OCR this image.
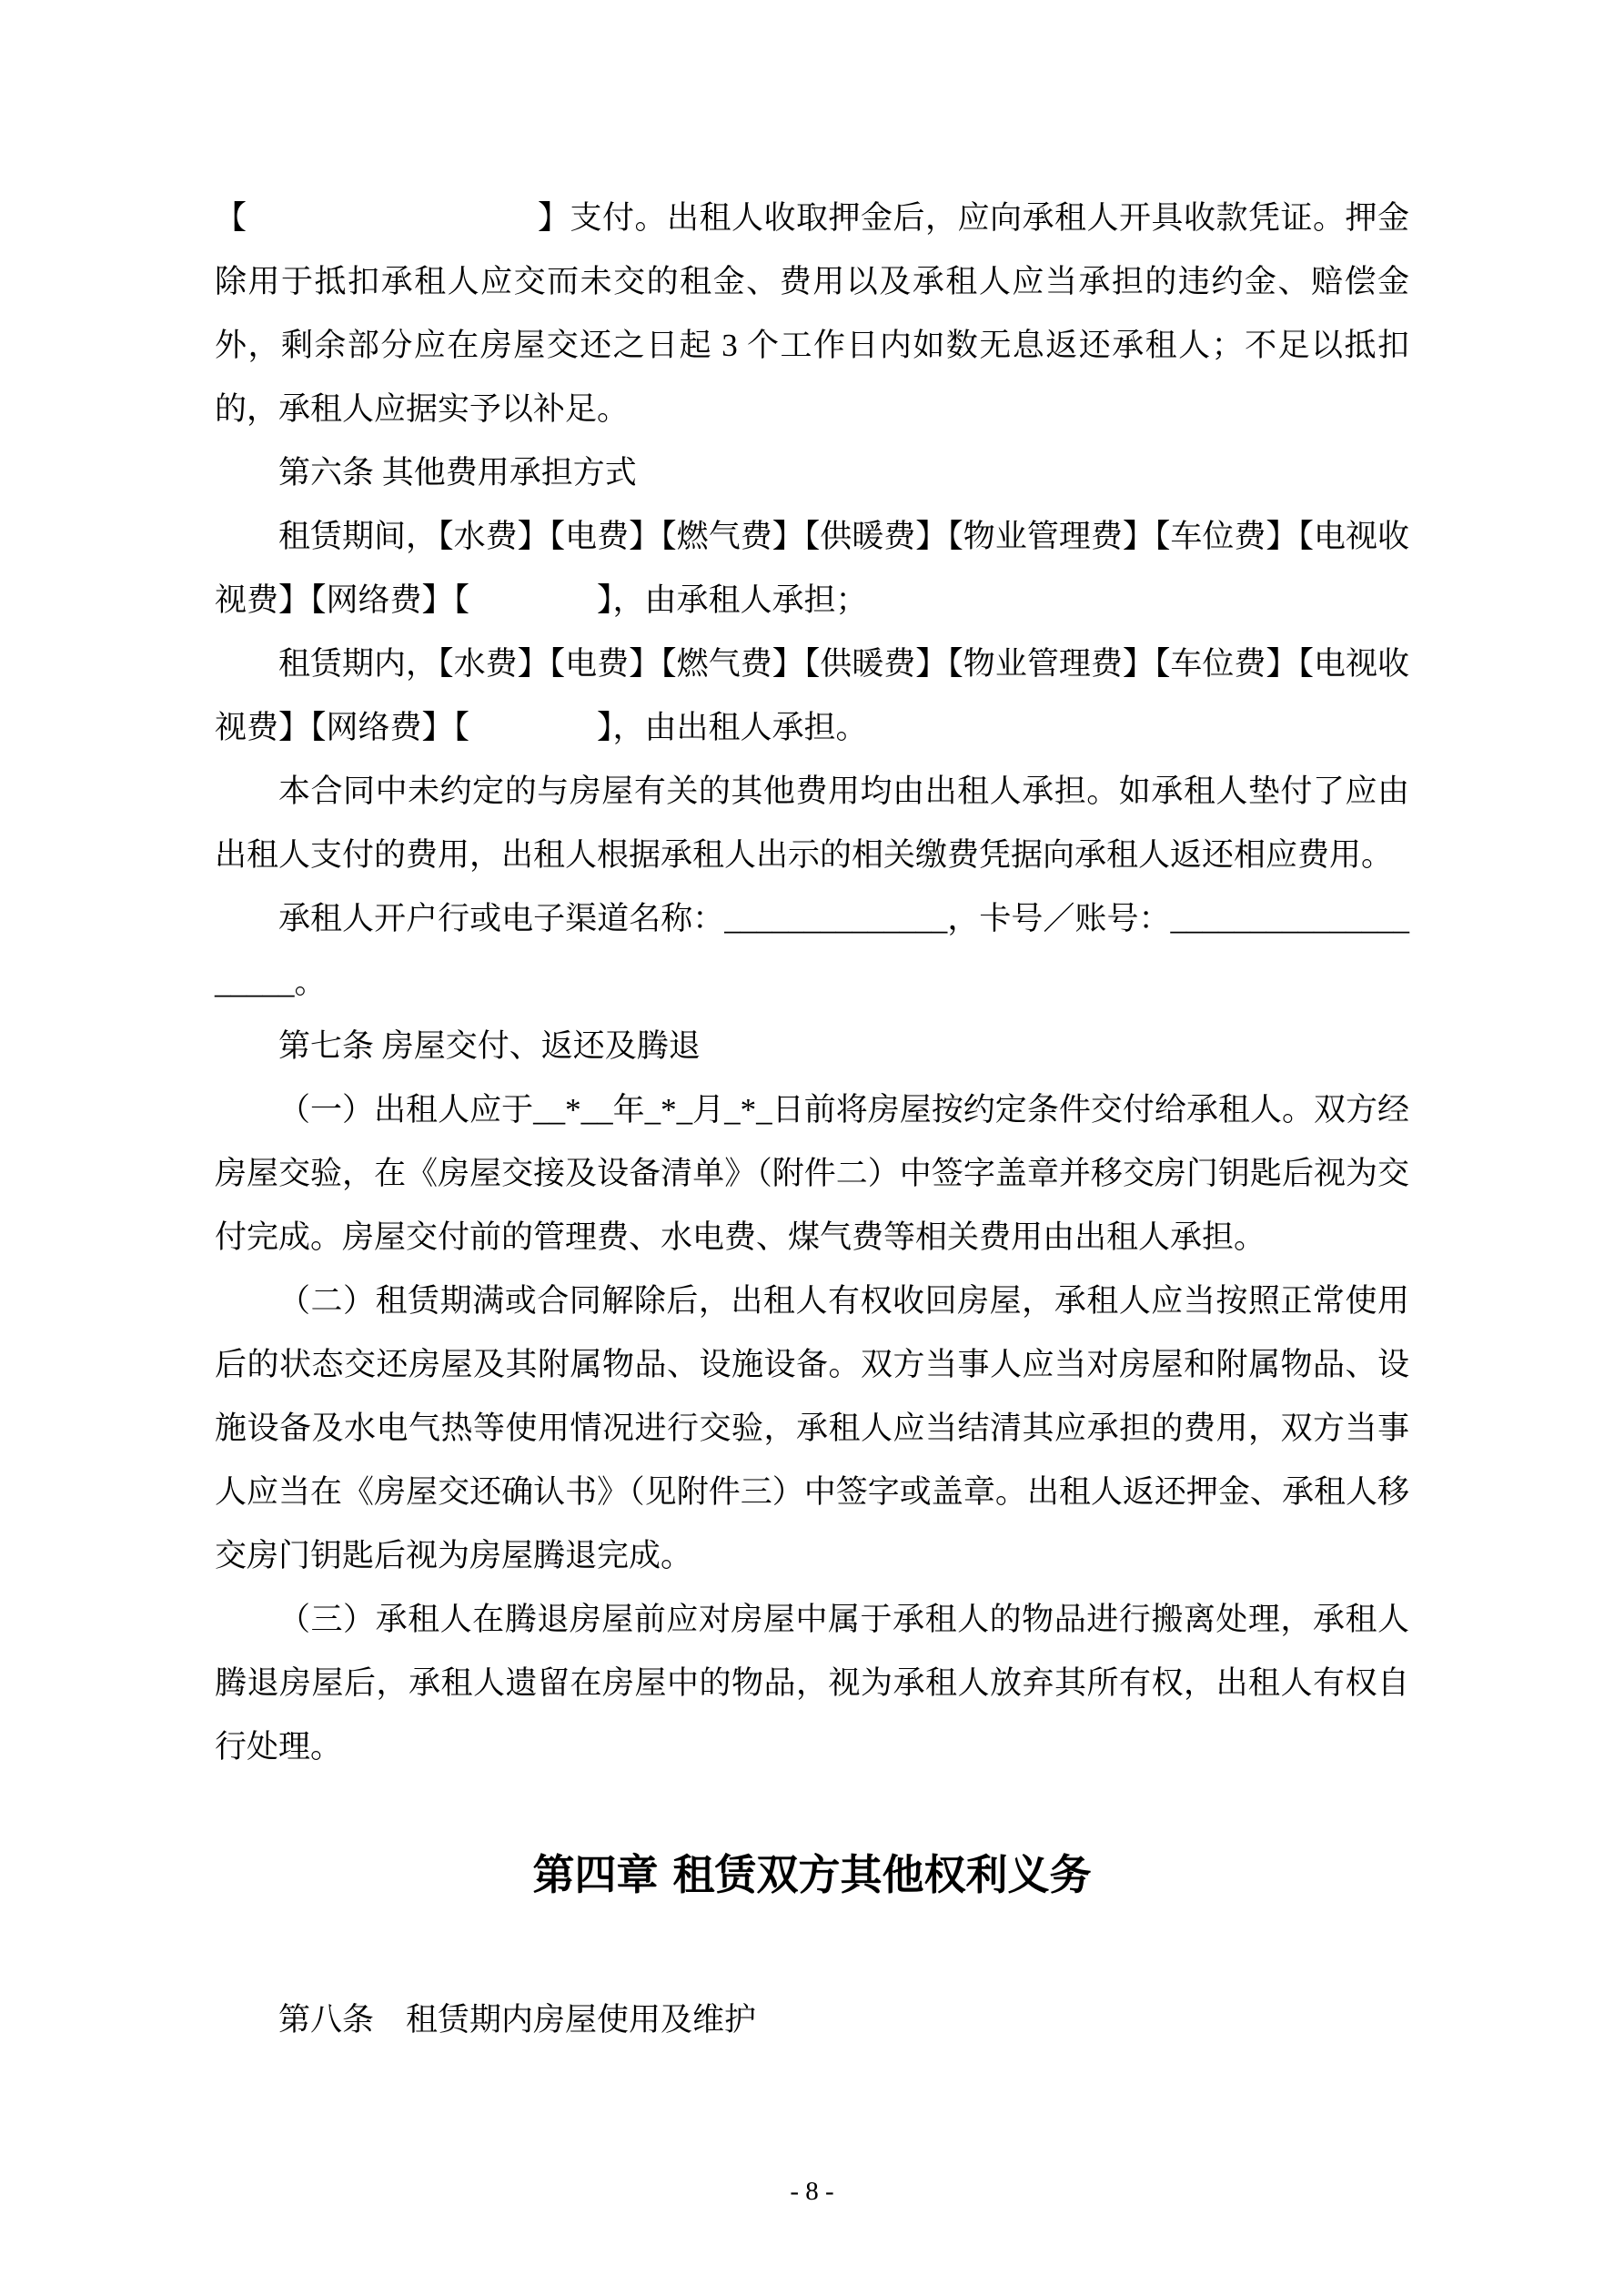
【　　　　　　　　　】支付。出租人收取押金后，应向承租人开具收款凭证。押金除用于抵扣承租人应交而未交的租金、费用以及承租人应当承担的违约金、赔偿金外，剩余部分应在房屋交还之日起 3 个工作日内如数无息返还承租人；不足以抵扣的，承租人应据实予以补足。

第六条 其他费用承担方式

租赁期间，【水费】【电费】【燃气费】【供暖费】【物业管理费】【车位费】【电视收视费】【网络费】【　　　　】，由承租人承担；

租赁期内，【水费】【电费】【燃气费】【供暖费】【物业管理费】【车位费】【电视收视费】【网络费】【　　　　】，由出租人承担。

本合同中未约定的与房屋有关的其他费用均由出租人承担。如承租人垫付了应由出租人支付的费用，出租人根据承租人出示的相关缴费凭据向承租人返还相应费用。

承租人开户行或电子渠道名称：______________，卡号／账号：____________________。

第七条 房屋交付、返还及腾退

（一）出租人应于__*__年_*_月_*_日前将房屋按约定条件交付给承租人。双方经房屋交验，在《房屋交接及设备清单》（附件二）中签字盖章并移交房门钥匙后视为交付完成。房屋交付前的管理费、水电费、煤气费等相关费用由出租人承担。

（二）租赁期满或合同解除后，出租人有权收回房屋，承租人应当按照正常使用后的状态交还房屋及其附属物品、设施设备。双方当事人应当对房屋和附属物品、设施设备及水电气热等使用情况进行交验，承租人应当结清其应承担的费用，双方当事人应当在《房屋交还确认书》（见附件三）中签字或盖章。出租人返还押金、承租人移交房门钥匙后视为房屋腾退完成。

（三）承租人在腾退房屋前应对房屋中属于承租人的物品进行搬离处理，承租人腾退房屋后，承租人遗留在房屋中的物品，视为承租人放弃其所有权，出租人有权自行处理。

第四章 租赁双方其他权利义务

第八条　租赁期内房屋使用及维护

- 8 -
